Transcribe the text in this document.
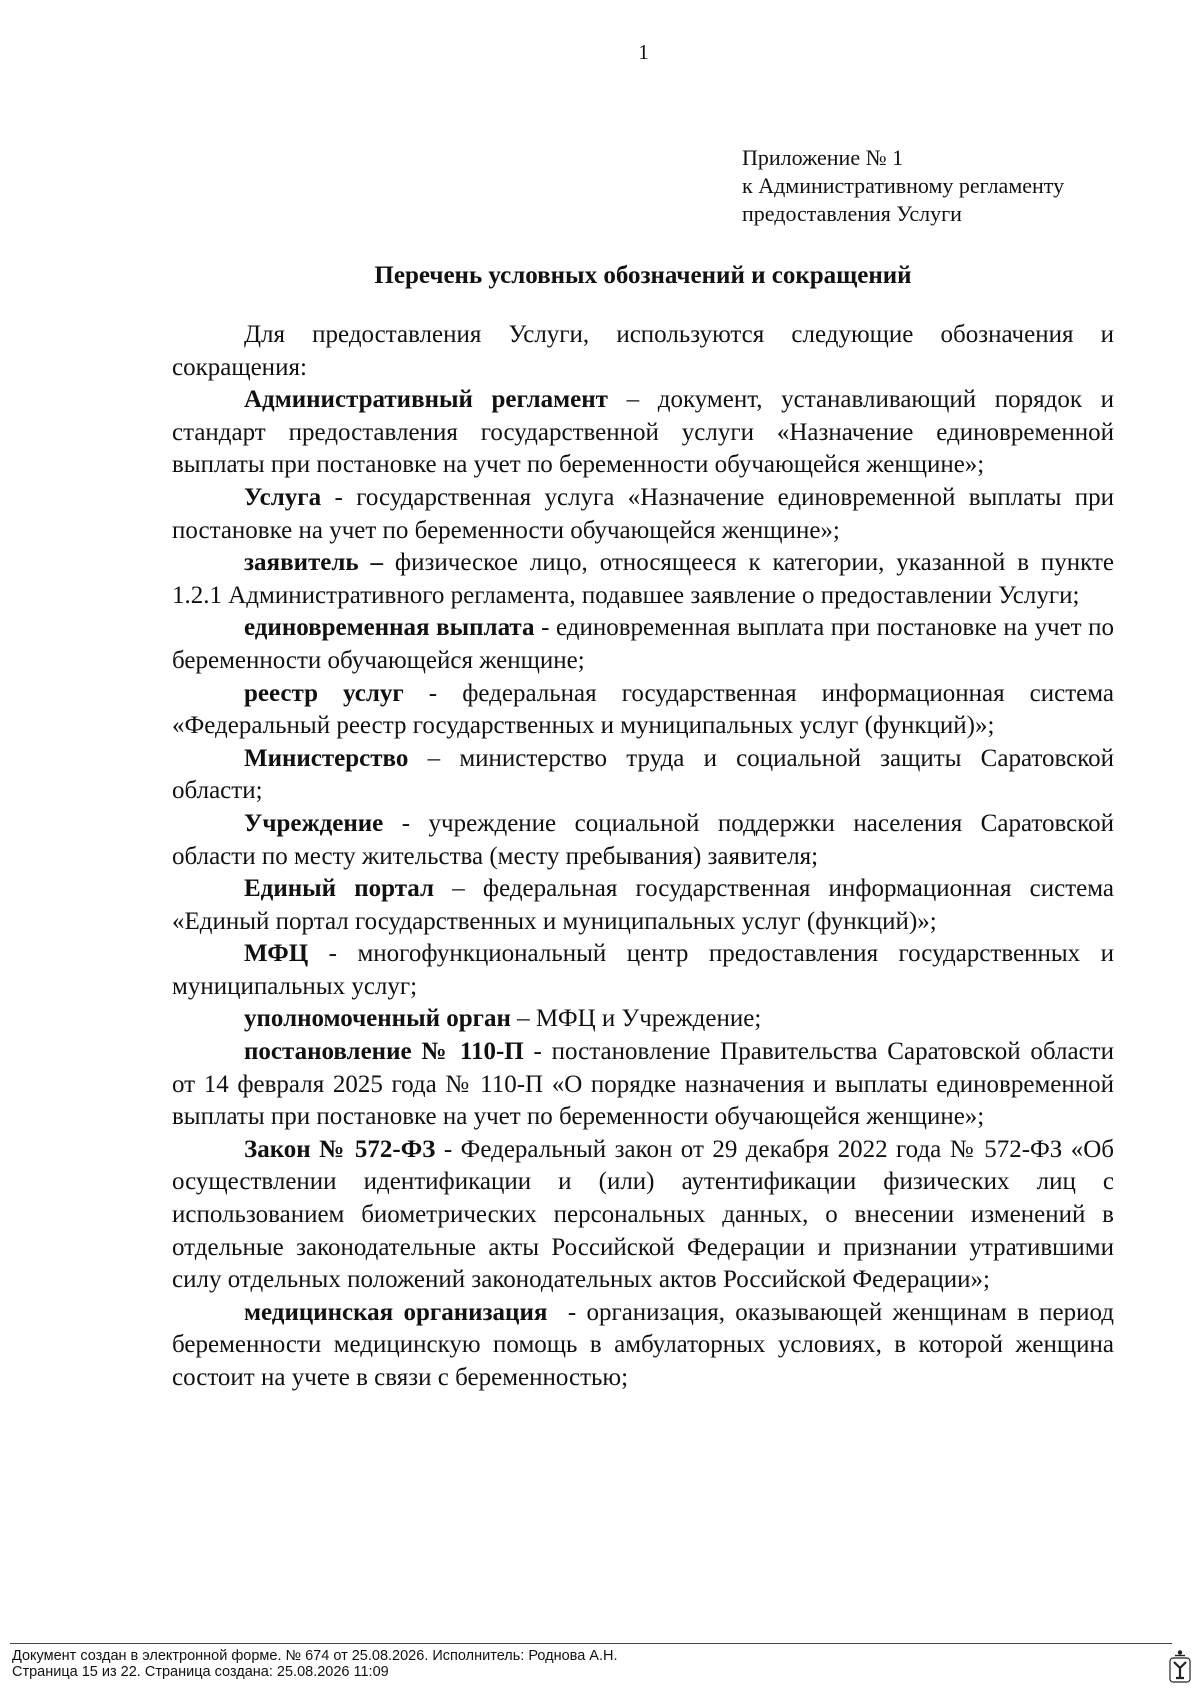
1
Приложение № 1
к Административному регламенту
предоставления Услуги
Перечень условных обозначений и сокращений

Для предоставления Услуги, используются следующие обозначения и сокращения:

Административный регламент – документ, устанавливающий порядок и стандарт предоставления государственной услуги «Назначение единовременной выплаты при постановке на учет по беременности обучающейся женщине»;

Услуга - государственная услуга «Назначение единовременной выплаты при постановке на учет по беременности обучающейся женщине»;

заявитель – физическое лицо, относящееся к категории, указанной в пункте 1.2.1 Административного регламента, подавшее заявление о предоставлении Услуги;

единовременная выплата - единовременная выплата при постановке на учет по беременности обучающейся женщине;

реестр услуг - федеральная государственная информационная система «Федеральный реестр государственных и муниципальных услуг (функций)»;

Министерство – министерство труда и социальной защиты Саратовской области;

Учреждение - учреждение социальной поддержки населения Саратовской области по месту жительства (месту пребывания) заявителя;

Единый портал – федеральная государственная информационная система «Единый портал государственных и муниципальных услуг (функций)»;

МФЦ - многофункциональный центр предоставления государственных и муниципальных услуг;

уполномоченный орган – МФЦ и Учреждение;

постановление № 110-П - постановление Правительства Саратовской области от 14 февраля 2025 года № 110-П «О порядке назначения и выплаты единовременной выплаты при постановке на учет по беременности обучающейся женщине»;

Закон № 572-ФЗ - Федеральный закон от 29 декабря 2022 года № 572-ФЗ «Об осуществлении идентификации и (или) аутентификации физических лиц с использованием биометрических персональных данных, о внесении изменений в отдельные законодательные акты Российской Федерации и признании утратившими силу отдельных положений законодательных актов Российской Федерации»;

медицинская организация  - организация, оказывающей женщинам в период беременности медицинскую помощь в амбулаторных условиях, в которой женщина состоит на учете в связи с беременностью;

Документ создан в электронной форме. № 674 от 25.08.2026. Исполнитель: Роднова А.Н.
Страница 15 из 22. Страница создана: 25.08.2026 11:09
